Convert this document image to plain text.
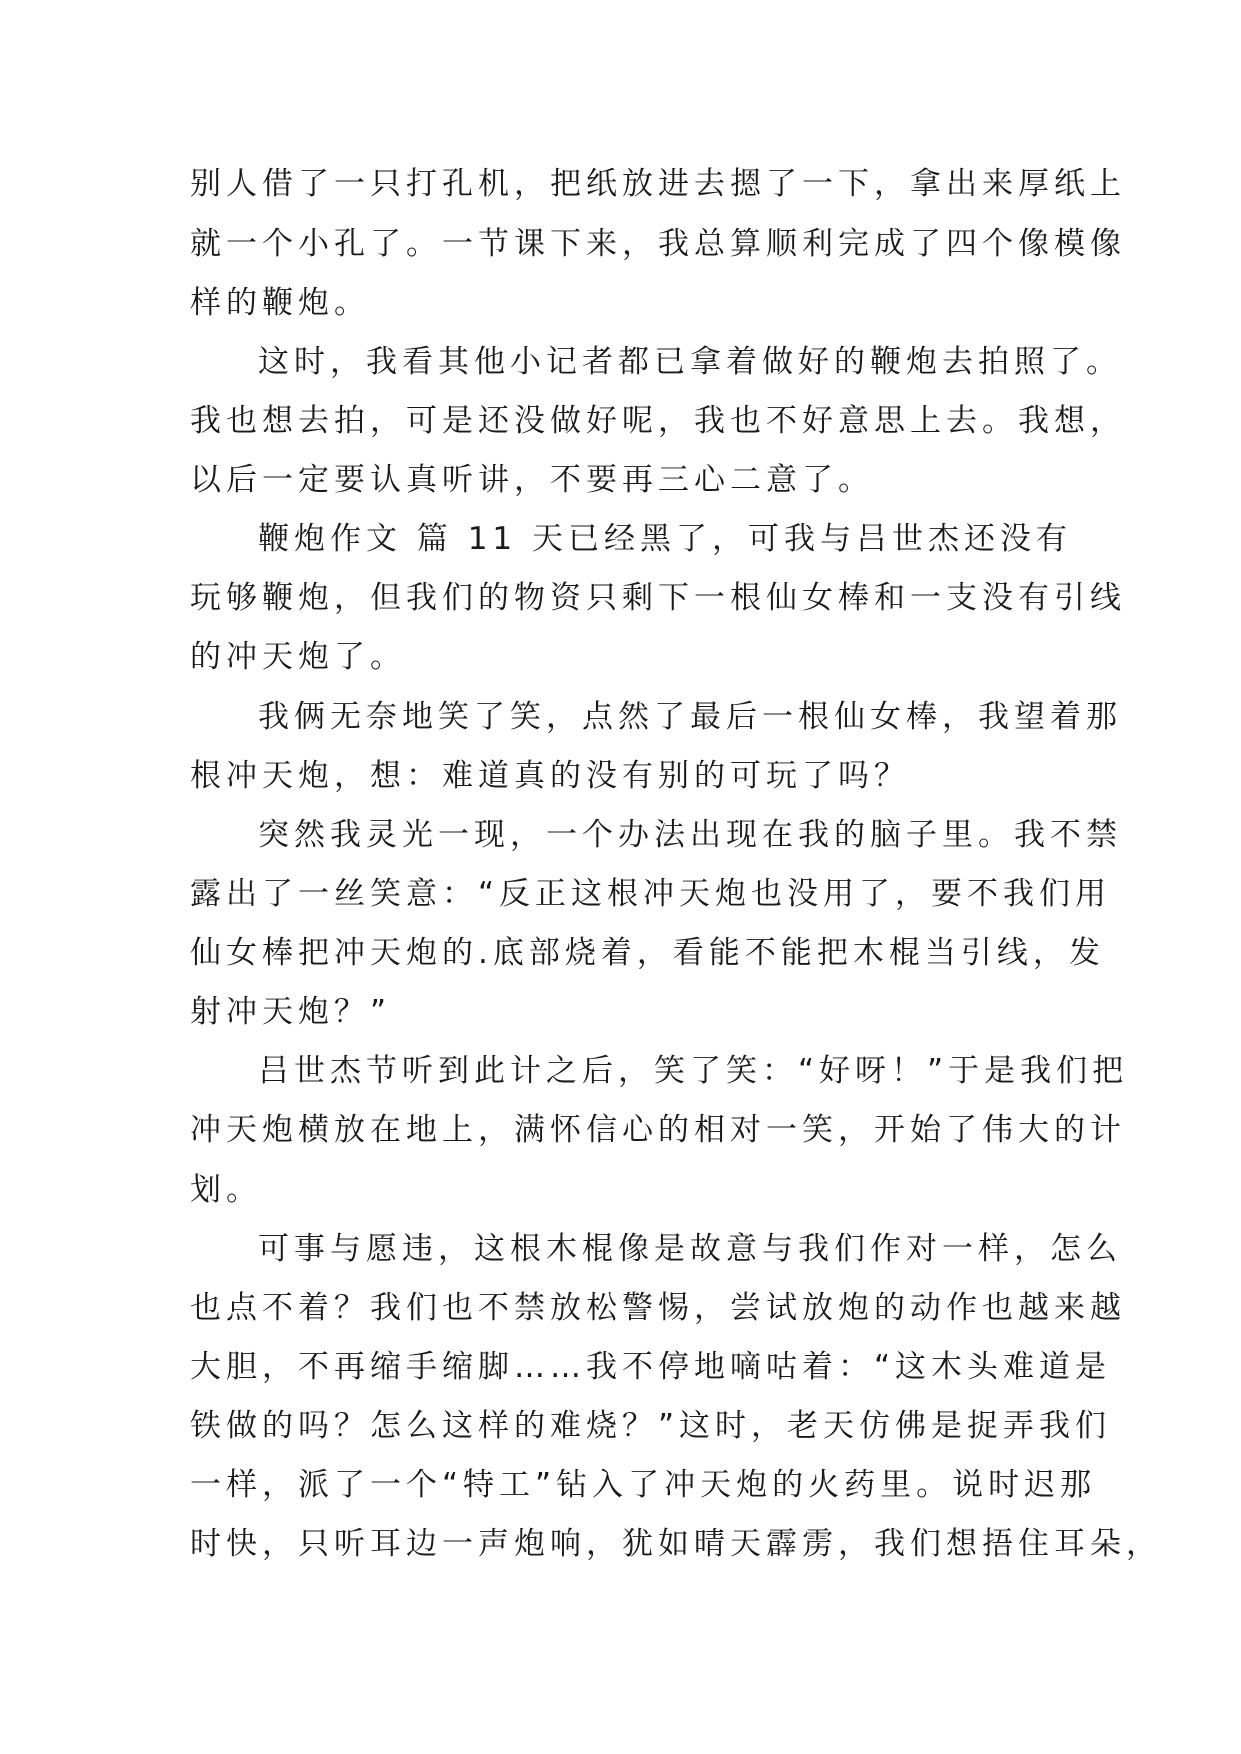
别人借了一只打孔机，把纸放进去摁了一下，拿出来厚纸上
就一个小孔了。一节课下来，我总算顺利完成了四个像模像
样的鞭炮。
这时，我看其他小记者都已拿着做好的鞭炮去拍照了。
我也想去拍，可是还没做好呢，我也不好意思上去。我想，
以后一定要认真听讲，不要再三心二意了。
鞭炮作文 篇 11 天已经黑了，可我与吕世杰还没有
玩够鞭炮，但我们的物资只剩下一根仙女棒和一支没有引线
的冲天炮了。
我俩无奈地笑了笑，点然了最后一根仙女棒，我望着那
根冲天炮，想：难道真的没有别的可玩了吗？
突然我灵光一现，一个办法出现在我的脑子里。我不禁
露出了一丝笑意：“反正这根冲天炮也没用了，要不我们用
仙女棒把冲天炮的.底部烧着，看能不能把木棍当引线，发
射冲天炮？”
吕世杰节听到此计之后，笑了笑：“好呀！”于是我们把
冲天炮横放在地上，满怀信心的相对一笑，开始了伟大的计
划。
可事与愿违，这根木棍像是故意与我们作对一样，怎么
也点不着？我们也不禁放松警惕，尝试放炮的动作也越来越
大胆，不再缩手缩脚……我不停地嘀咕着：“这木头难道是
铁做的吗？怎么这样的难烧？”这时，老天仿佛是捉弄我们
一样，派了一个“特工”钻入了冲天炮的火药里。说时迟那
时快，只听耳边一声炮响，犹如晴天霹雳，我们想捂住耳朵，
